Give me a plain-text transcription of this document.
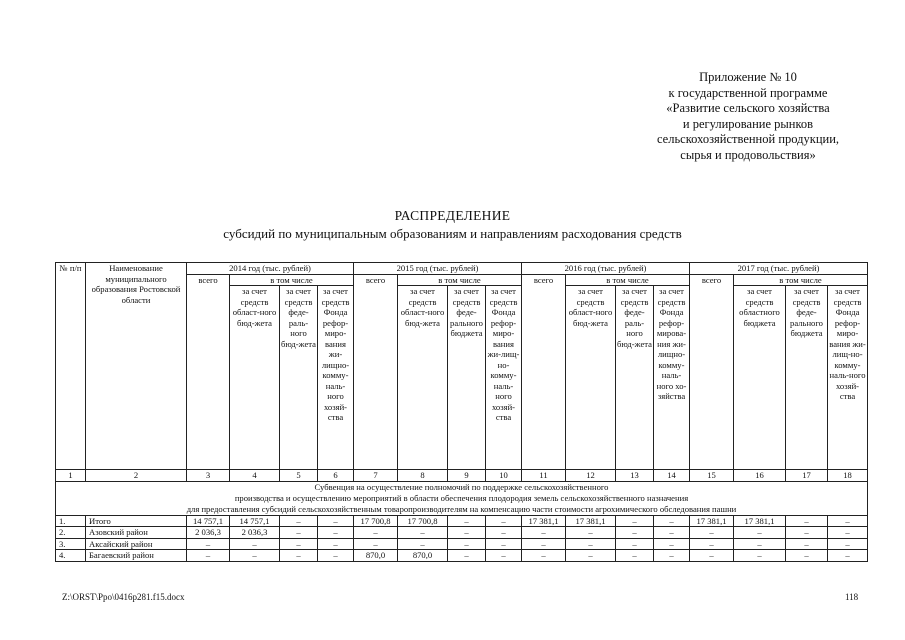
Приложение № 10
к государственной программе
«Развитие сельского хозяйства
и регулирование рынков
сельскохозяйственной продукции,
сырья и продовольствия»
РАСПРЕДЕЛЕНИЕ
субсидий по муниципальным образованиям и направлениям расходования средств
№ п/п	Наименование муниципального образования Ростовской области	2014 год (тыс. рублей)				2015 год (тыс. рублей)				2016 год (тыс. рублей)				2017 год (тыс. рублей)			
		всего	в том числе			всего	в том числе			всего	в том числе			всего	в том числе		
			за счет средств област-ного бюд-жета	за счет средств феде-раль-ного бюд-жета	за счет средств Фонда рефор-миро-вания жи-лищно-комму-наль-ного хозяй-ства		за счет средств област-ного бюд-жета	за счет средств феде-рального бюджета	за счет средств Фонда рефор-миро-вания жи-лищ-но-комму-наль-ного хозяй-ства		за счет средств област-ного бюд-жета	за счет средств феде-раль-ного бюд-жета	за счет средств Фонда рефор-мирова-ния жи-лищно-комму-наль-ного хо-зяйства		за счет средств областного бюджета	за счет средств феде-рального бюджета	за счет средств Фонда рефор-миро-вания жи-лищ-но-комму-наль-ного хозяй-ства
1	2	3	4	5	6	7	8	9	10	11	12	13	14	15	16	17	18

Субвенция на осуществление полномочий по поддержке сельскохозяйственного
производства и осуществлению мероприятий в области обеспечения плодородия земель сельскохозяйственного назначения
для предоставления субсидий сельскохозяйственным товаропроизводителям на компенсацию части стоимости агрохимического обследования пашни																	

1.	Итого	14 757,1	14 757,1	–	–	17 700,8	17 700,8	–	–	17 381,1	17 381,1	–	–	17 381,1	17 381,1	–	–
2.	Азовский район	2 036,3	2 036,3	–	–	–	–	–	–	–	–	–	–	–	–	–	–
3.	Аксайский район	–	–	–	–	–	–	–	–	–	–	–	–	–	–	–	–
4.	Багаевский район	–	–	–	–	870,0	870,0	–	–	–	–	–	–	–	–	–	–
Z:\ORST\Ppo\0416p281.f15.docx	118
